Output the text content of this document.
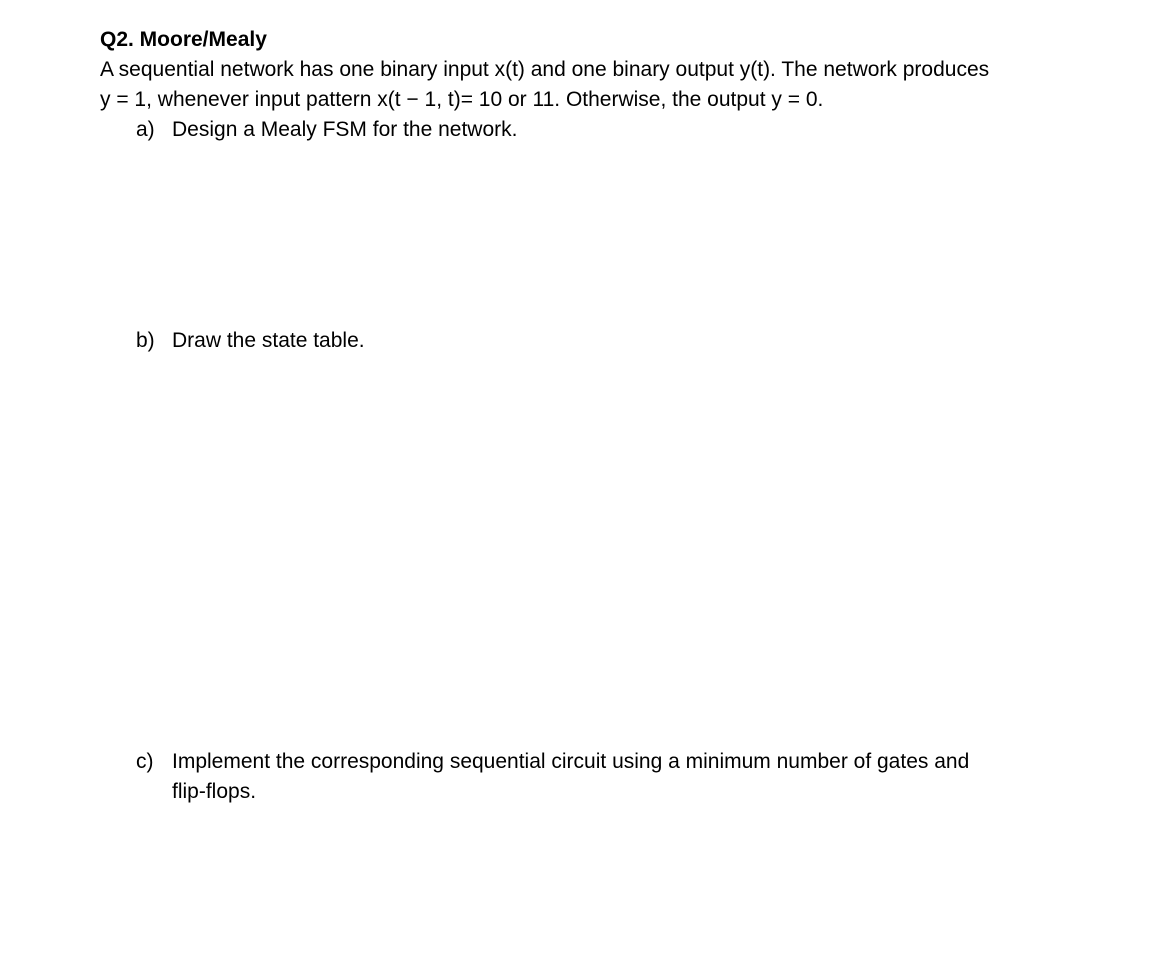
Q2. Moore/Mealy
A sequential network has one binary input x(t) and one binary output y(t). The network produces
y = 1, whenever input pattern x(t − 1, t)= 10 or 11. Otherwise, the output y = 0.
a) Design a Mealy FSM for the network.
b) Draw the state table.
c) Implement the corresponding sequential circuit using a minimum number of gates and
flip-flops.
